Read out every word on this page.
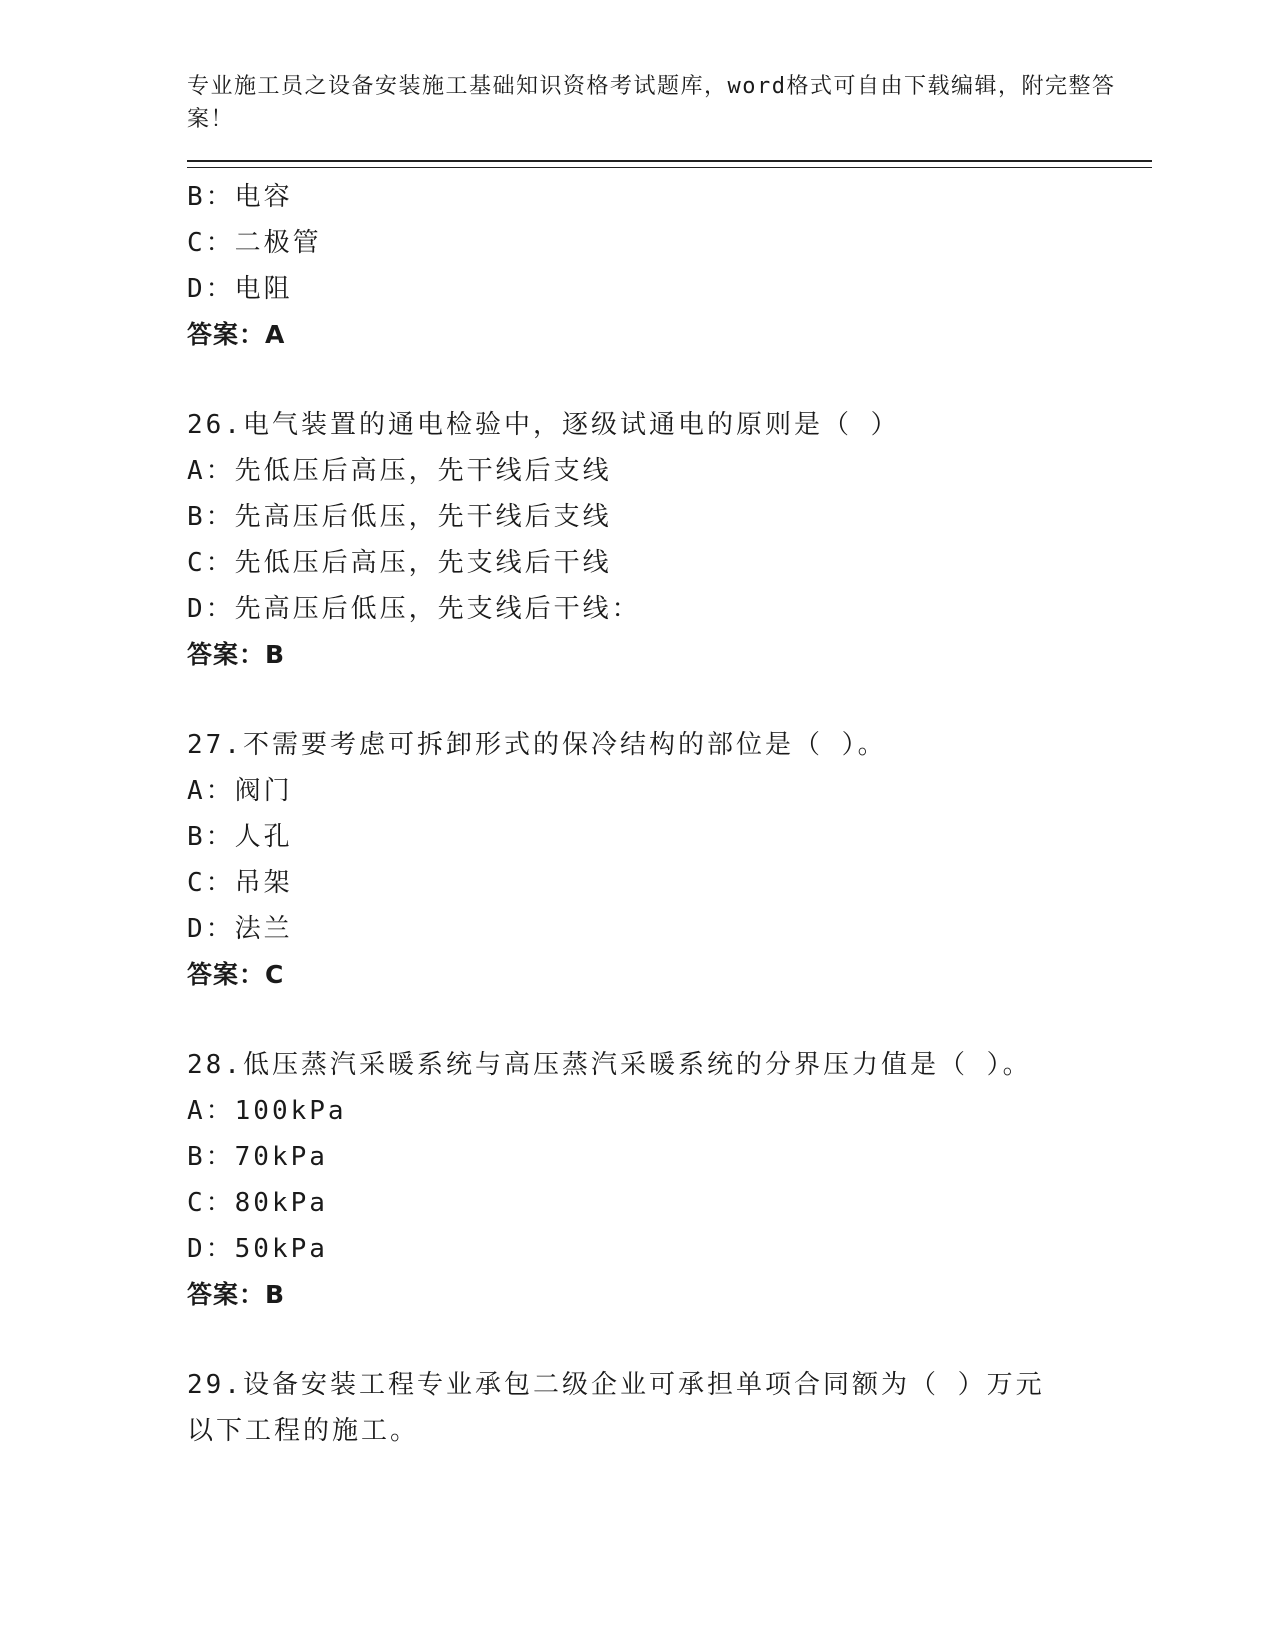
专业施工员之设备安装施工基础知识资格考试题库，word格式可自由下载编辑，附完整答案！

B：电容
C：二极管
D：电阻
答案：A
26.电气装置的通电检验中，逐级试通电的原则是（ ）
A：先低压后高压，先干线后支线
B：先高压后低压，先干线后支线
C：先低压后高压，先支线后干线
D：先高压后低压，先支线后干线：
答案：B
27.不需要考虑可拆卸形式的保冷结构的部位是（ ）。
A：阀门
B：人孔
C：吊架
D：法兰
答案：C
28.低压蒸汽采暖系统与高压蒸汽采暖系统的分界压力值是（ ）。
A：100kPa
B：70kPa
C：80kPa
D：50kPa
答案：B
29.设备安装工程专业承包二级企业可承担单项合同额为（ ）万元以下工程的施工。
